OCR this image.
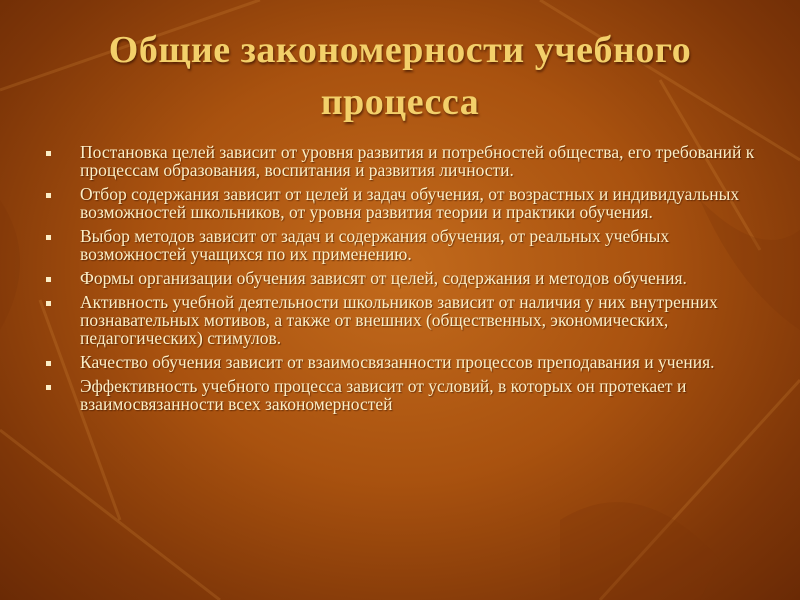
Общие закономерности учебного
процесса
Постановка целей зависит от уровня развития и потребностей общества, его требований к процессам образования, воспитания и развития личности.
Отбор содержания зависит от целей и задач обучения, от возрастных и индивидуальных возможностей школьников, от уровня развития теории и практики обучения.
Выбор методов зависит от задач и содержания обучения, от реальных учебных возможностей учащихся по их применению.
Формы организации обучения зависят от целей, содержания и методов обучения.
Активность учебной деятельности школьников зависит от наличия у них внутренних познавательных мотивов, а также от внешних (общественных, экономических, педагогических) стимулов.
Качество обучения зависит от взаимосвязанности процессов преподавания и учения.
Эффективность учебного процесса зависит от условий, в которых он протекает и взаимосвязанности всех закономерностей
